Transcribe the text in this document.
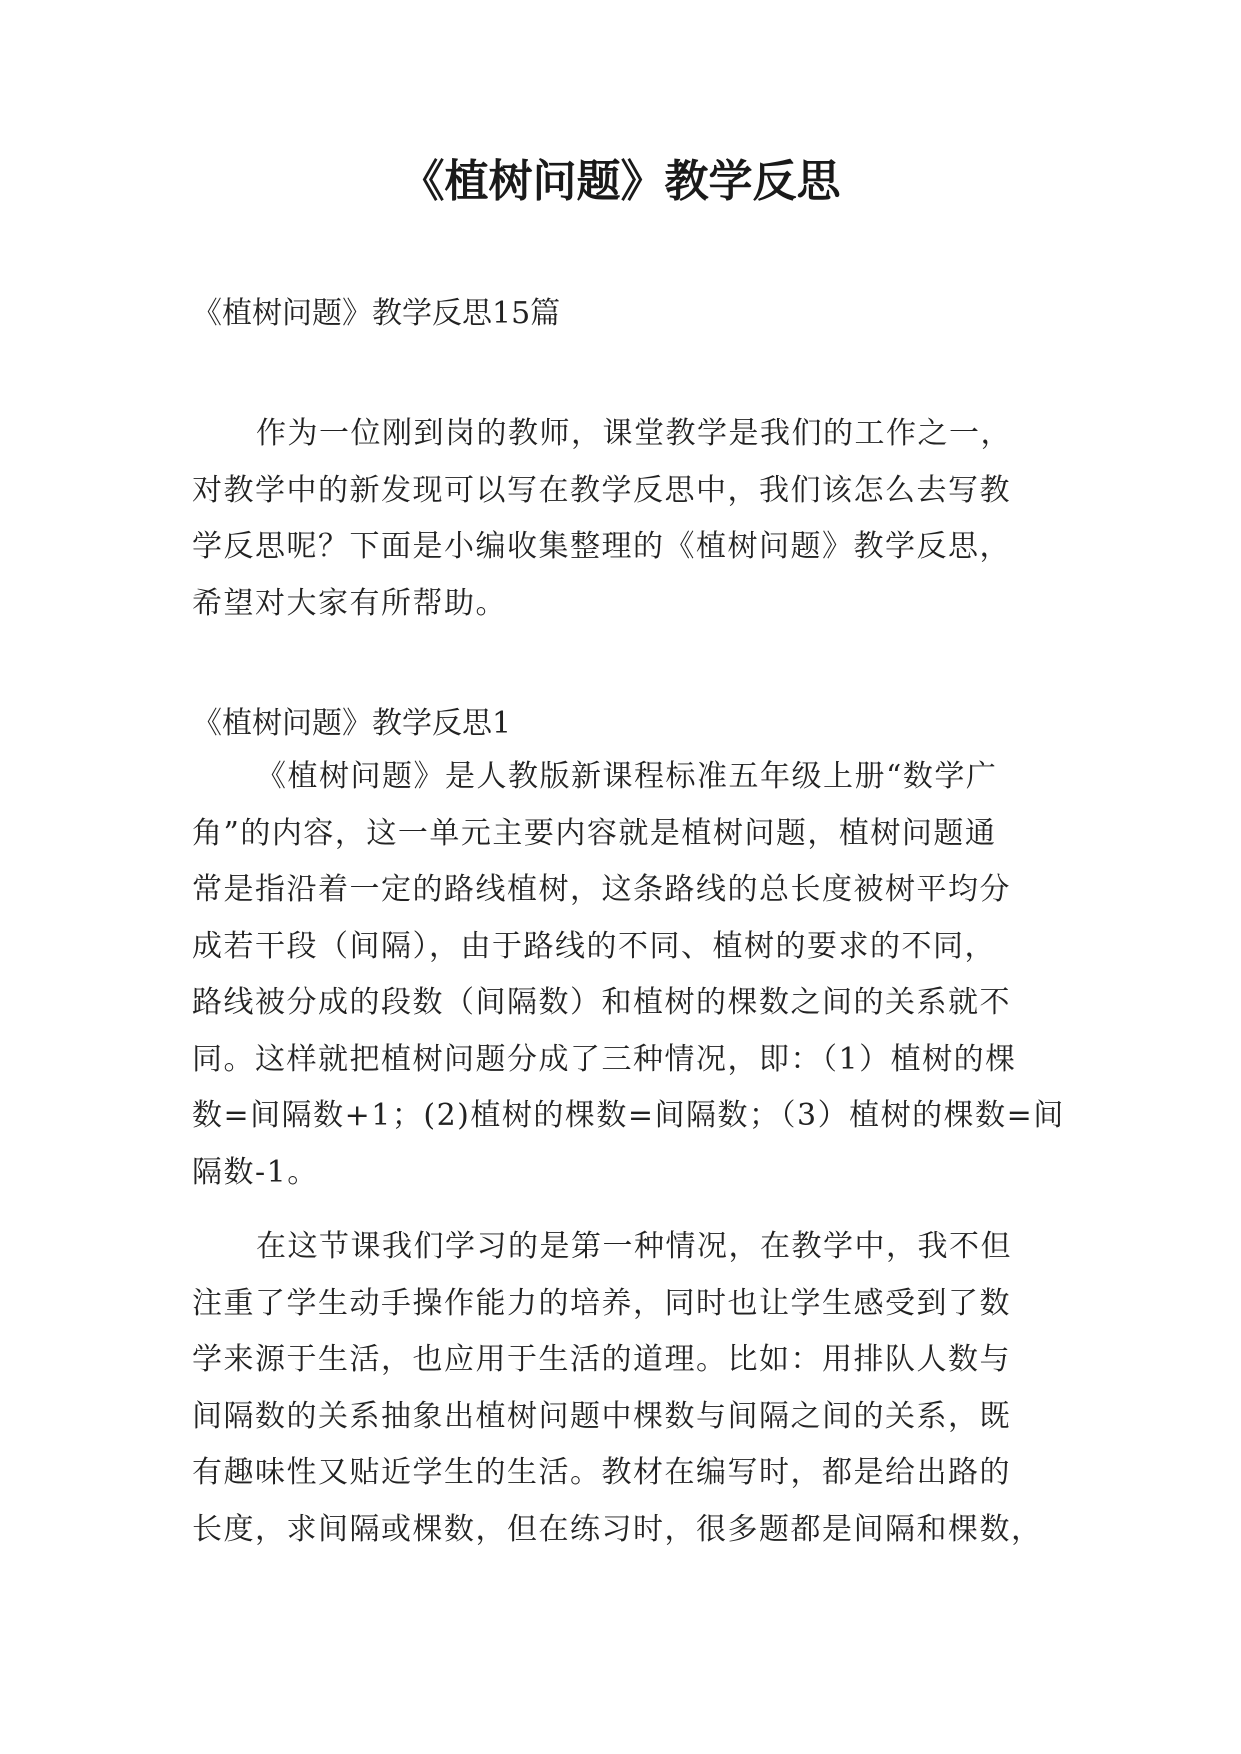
《植树问题》教学反思

《植树问题》教学反思15篇

作为一位刚到岗的教师，课堂教学是我们的工作之一，
对教学中的新发现可以写在教学反思中，我们该怎么去写教
学反思呢？下面是小编收集整理的《植树问题》教学反思，
希望对大家有所帮助。

《植树问题》教学反思1

《植树问题》是人教版新课程标准五年级上册“数学广
角”的内容，这一单元主要内容就是植树问题，植树问题通
常是指沿着一定的路线植树，这条路线的总长度被树平均分
成若干段（间隔），由于路线的不同、植树的要求的不同，
路线被分成的段数（间隔数）和植树的棵数之间的关系就不
同。这样就把植树问题分成了三种情况，即：（1）植树的棵
数=间隔数+1；(2)植树的棵数=间隔数；（3）植树的棵数=间
隔数-1。

在这节课我们学习的是第一种情况，在教学中，我不但
注重了学生动手操作能力的培养，同时也让学生感受到了数
学来源于生活，也应用于生活的道理。比如：用排队人数与
间隔数的关系抽象出植树问题中棵数与间隔之间的关系，既
有趣味性又贴近学生的生活。教材在编写时，都是给出路的
长度，求间隔或棵数，但在练习时，很多题都是间隔和棵数，
